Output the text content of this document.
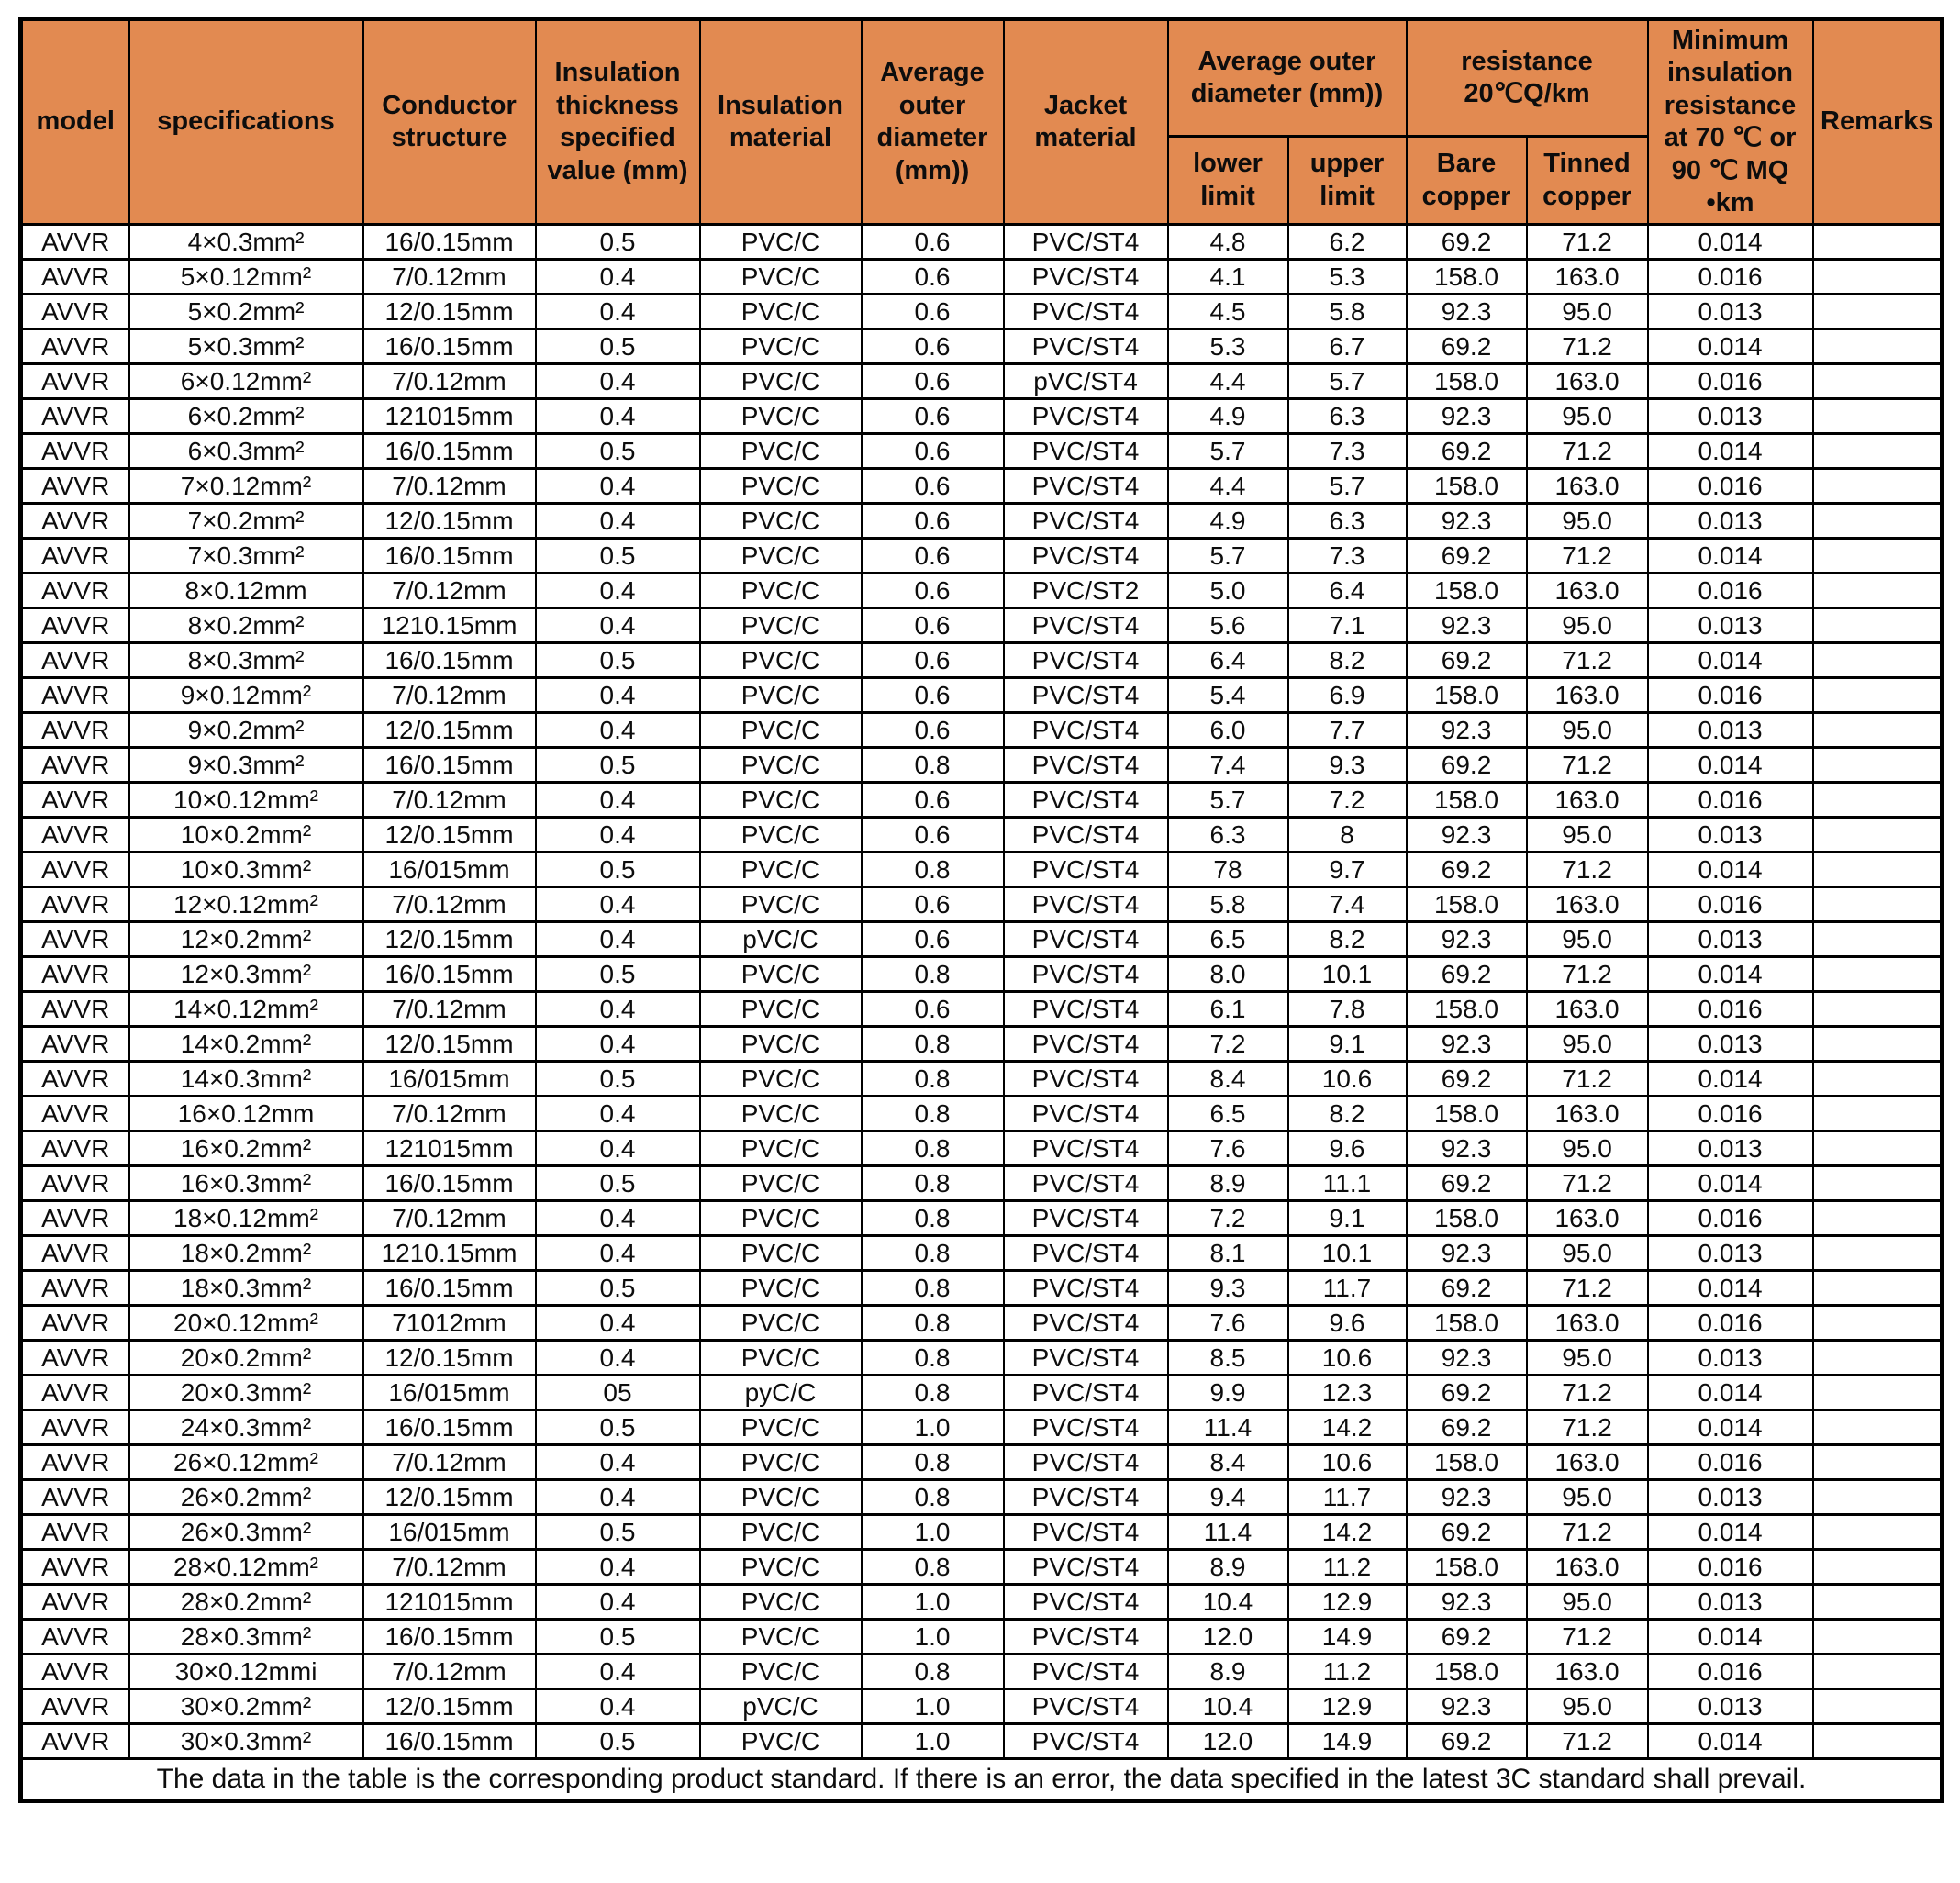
model	specifications	Conductor structure	Insulation thickness specified value (mm)	Insulation material	Average outer diameter (mm))	Jacket material	Average outer diameter (mm))		resistance 20℃Q/km		Minimum insulation resistance at 70 ℃ or 90 ℃ MQ •km	Remarks
							lower limit	upper limit	Bare copper	Tinned copper		
AVVR	4×0.3mm²	16/0.15mm	0.5	PVC/C	0.6	PVC/ST4	4.8	6.2	69.2	71.2	0.014	
AVVR	5×0.12mm²	7/0.12mm	0.4	PVC/C	0.6	PVC/ST4	4.1	5.3	158.0	163.0	0.016	
AVVR	5×0.2mm²	12/0.15mm	0.4	PVC/C	0.6	PVC/ST4	4.5	5.8	92.3	95.0	0.013	
AVVR	5×0.3mm²	16/0.15mm	0.5	PVC/C	0.6	PVC/ST4	5.3	6.7	69.2	71.2	0.014	
AVVR	6×0.12mm²	7/0.12mm	0.4	PVC/C	0.6	pVC/ST4	4.4	5.7	158.0	163.0	0.016	
AVVR	6×0.2mm²	121015mm	0.4	PVC/C	0.6	PVC/ST4	4.9	6.3	92.3	95.0	0.013	
AVVR	6×0.3mm²	16/0.15mm	0.5	PVC/C	0.6	PVC/ST4	5.7	7.3	69.2	71.2	0.014	
AVVR	7×0.12mm²	7/0.12mm	0.4	PVC/C	0.6	PVC/ST4	4.4	5.7	158.0	163.0	0.016	
AVVR	7×0.2mm²	12/0.15mm	0.4	PVC/C	0.6	PVC/ST4	4.9	6.3	92.3	95.0	0.013	
AVVR	7×0.3mm²	16/0.15mm	0.5	PVC/C	0.6	PVC/ST4	5.7	7.3	69.2	71.2	0.014	
AVVR	8×0.12mm	7/0.12mm	0.4	PVC/C	0.6	PVC/ST2	5.0	6.4	158.0	163.0	0.016	
AVVR	8×0.2mm²	1210.15mm	0.4	PVC/C	0.6	PVC/ST4	5.6	7.1	92.3	95.0	0.013	
AVVR	8×0.3mm²	16/0.15mm	0.5	PVC/C	0.6	PVC/ST4	6.4	8.2	69.2	71.2	0.014	
AVVR	9×0.12mm²	7/0.12mm	0.4	PVC/C	0.6	PVC/ST4	5.4	6.9	158.0	163.0	0.016	
AVVR	9×0.2mm²	12/0.15mm	0.4	PVC/C	0.6	PVC/ST4	6.0	7.7	92.3	95.0	0.013	
AVVR	9×0.3mm²	16/0.15mm	0.5	PVC/C	0.8	PVC/ST4	7.4	9.3	69.2	71.2	0.014	
AVVR	10×0.12mm²	7/0.12mm	0.4	PVC/C	0.6	PVC/ST4	5.7	7.2	158.0	163.0	0.016	
AVVR	10×0.2mm²	12/0.15mm	0.4	PVC/C	0.6	PVC/ST4	6.3	8	92.3	95.0	0.013	
AVVR	10×0.3mm²	16/015mm	0.5	PVC/C	0.8	PVC/ST4	78	9.7	69.2	71.2	0.014	
AVVR	12×0.12mm²	7/0.12mm	0.4	PVC/C	0.6	PVC/ST4	5.8	7.4	158.0	163.0	0.016	
AVVR	12×0.2mm²	12/0.15mm	0.4	pVC/C	0.6	PVC/ST4	6.5	8.2	92.3	95.0	0.013	
AVVR	12×0.3mm²	16/0.15mm	0.5	PVC/C	0.8	PVC/ST4	8.0	10.1	69.2	71.2	0.014	
AVVR	14×0.12mm²	7/0.12mm	0.4	PVC/C	0.6	PVC/ST4	6.1	7.8	158.0	163.0	0.016	
AVVR	14×0.2mm²	12/0.15mm	0.4	PVC/C	0.8	PVC/ST4	7.2	9.1	92.3	95.0	0.013	
AVVR	14×0.3mm²	16/015mm	0.5	PVC/C	0.8	PVC/ST4	8.4	10.6	69.2	71.2	0.014	
AVVR	16×0.12mm	7/0.12mm	0.4	PVC/C	0.8	PVC/ST4	6.5	8.2	158.0	163.0	0.016	
AVVR	16×0.2mm²	121015mm	0.4	PVC/C	0.8	PVC/ST4	7.6	9.6	92.3	95.0	0.013	
AVVR	16×0.3mm²	16/0.15mm	0.5	PVC/C	0.8	PVC/ST4	8.9	11.1	69.2	71.2	0.014	
AVVR	18×0.12mm²	7/0.12mm	0.4	PVC/C	0.8	PVC/ST4	7.2	9.1	158.0	163.0	0.016	
AVVR	18×0.2mm²	1210.15mm	0.4	PVC/C	0.8	PVC/ST4	8.1	10.1	92.3	95.0	0.013	
AVVR	18×0.3mm²	16/0.15mm	0.5	PVC/C	0.8	PVC/ST4	9.3	11.7	69.2	71.2	0.014	
AVVR	20×0.12mm²	71012mm	0.4	PVC/C	0.8	PVC/ST4	7.6	9.6	158.0	163.0	0.016	
AVVR	20×0.2mm²	12/0.15mm	0.4	PVC/C	0.8	PVC/ST4	8.5	10.6	92.3	95.0	0.013	
AVVR	20×0.3mm²	16/015mm	05	pyC/C	0.8	PVC/ST4	9.9	12.3	69.2	71.2	0.014	
AVVR	24×0.3mm²	16/0.15mm	0.5	PVC/C	1.0	PVC/ST4	11.4	14.2	69.2	71.2	0.014	
AVVR	26×0.12mm²	7/0.12mm	0.4	PVC/C	0.8	PVC/ST4	8.4	10.6	158.0	163.0	0.016	
AVVR	26×0.2mm²	12/0.15mm	0.4	PVC/C	0.8	PVC/ST4	9.4	11.7	92.3	95.0	0.013	
AVVR	26×0.3mm²	16/015mm	0.5	PVC/C	1.0	PVC/ST4	11.4	14.2	69.2	71.2	0.014	
AVVR	28×0.12mm²	7/0.12mm	0.4	PVC/C	0.8	PVC/ST4	8.9	11.2	158.0	163.0	0.016	
AVVR	28×0.2mm²	121015mm	0.4	PVC/C	1.0	PVC/ST4	10.4	12.9	92.3	95.0	0.013	
AVVR	28×0.3mm²	16/0.15mm	0.5	PVC/C	1.0	PVC/ST4	12.0	14.9	69.2	71.2	0.014	
AVVR	30×0.12mmi	7/0.12mm	0.4	PVC/C	0.8	PVC/ST4	8.9	11.2	158.0	163.0	0.016	
AVVR	30×0.2mm²	12/0.15mm	0.4	pVC/C	1.0	PVC/ST4	10.4	12.9	92.3	95.0	0.013	
AVVR	30×0.3mm²	16/0.15mm	0.5	PVC/C	1.0	PVC/ST4	12.0	14.9	69.2	71.2	0.014	
The data in the table is the corresponding product standard. If there is an error, the data specified in the latest 3C standard shall prevail.												
